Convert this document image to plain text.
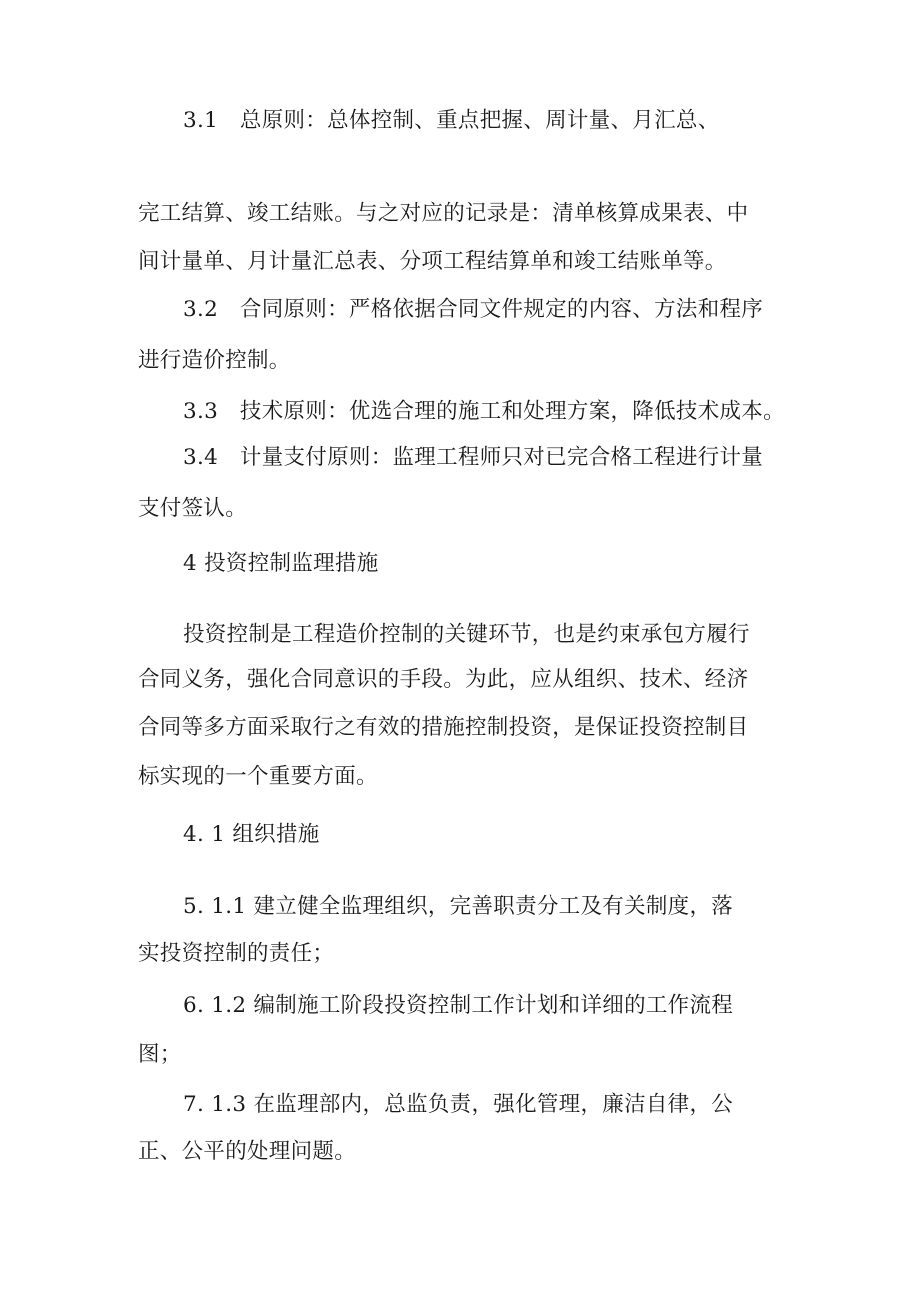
3.1　总原则：总体控制、重点把握、周计量、月汇总、
完工结算、竣工结账。与之对应的记录是：清单核算成果表、中
间计量单、月计量汇总表、分项工程结算单和竣工结账单等。
3.2　合同原则：严格依据合同文件规定的内容、方法和程序
进行造价控制。
3.3　技术原则：优选合理的施工和处理方案，降低技术成本。
3.4　计量支付原则：监理工程师只对已完合格工程进行计量
支付签认。
4 投资控制监理措施
投资控制是工程造价控制的关键环节，也是约束承包方履行
合同义务，强化合同意识的手段。为此，应从组织、技术、经济
合同等多方面采取行之有效的措施控制投资，是保证投资控制目
标实现的一个重要方面。
4. 1 组织措施
5. 1.1 建立健全监理组织，完善职责分工及有关制度，落
实投资控制的责任；
6. 1.2 编制施工阶段投资控制工作计划和详细的工作流程
图；
7. 1.3 在监理部内，总监负责，强化管理，廉洁自律，公
正、公平的处理问题。
